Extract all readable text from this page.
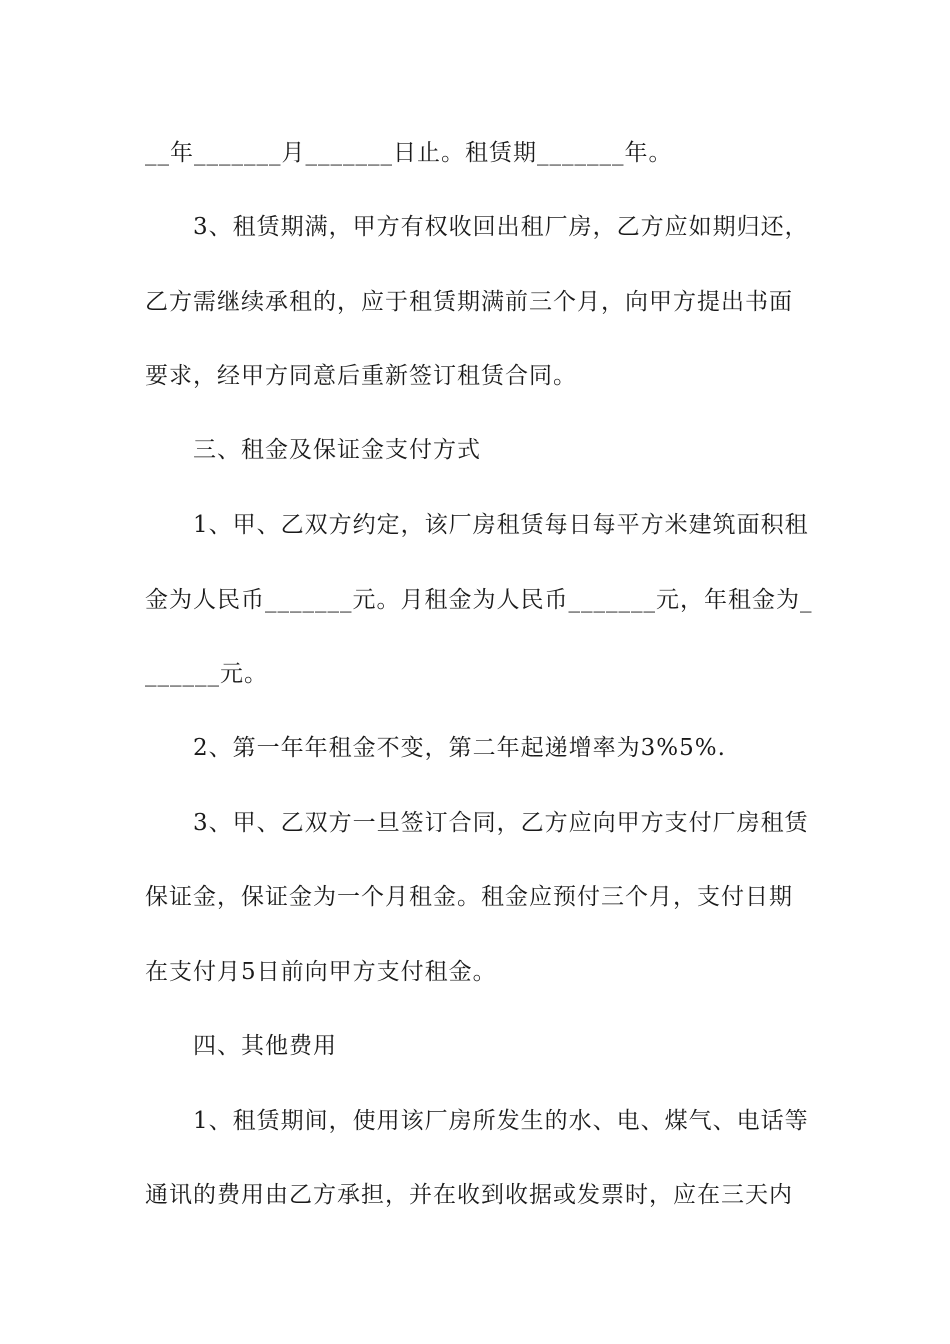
__年_______月_______日止。租赁期_______年。
3、租赁期满，甲方有权收回出租厂房，乙方应如期归还，
乙方需继续承租的，应于租赁期满前三个月，向甲方提出书面
要求，经甲方同意后重新签订租赁合同。
三、租金及保证金支付方式
1、甲、乙双方约定，该厂房租赁每日每平方米建筑面积租
金为人民币_______元。月租金为人民币_______元，年租金为_
______元。
2、第一年年租金不变，第二年起递增率为3%5%.
3、甲、乙双方一旦签订合同，乙方应向甲方支付厂房租赁
保证金，保证金为一个月租金。租金应预付三个月，支付日期
在支付月5日前向甲方支付租金。
四、其他费用
1、租赁期间，使用该厂房所发生的水、电、煤气、电话等
通讯的费用由乙方承担，并在收到收据或发票时，应在三天内
